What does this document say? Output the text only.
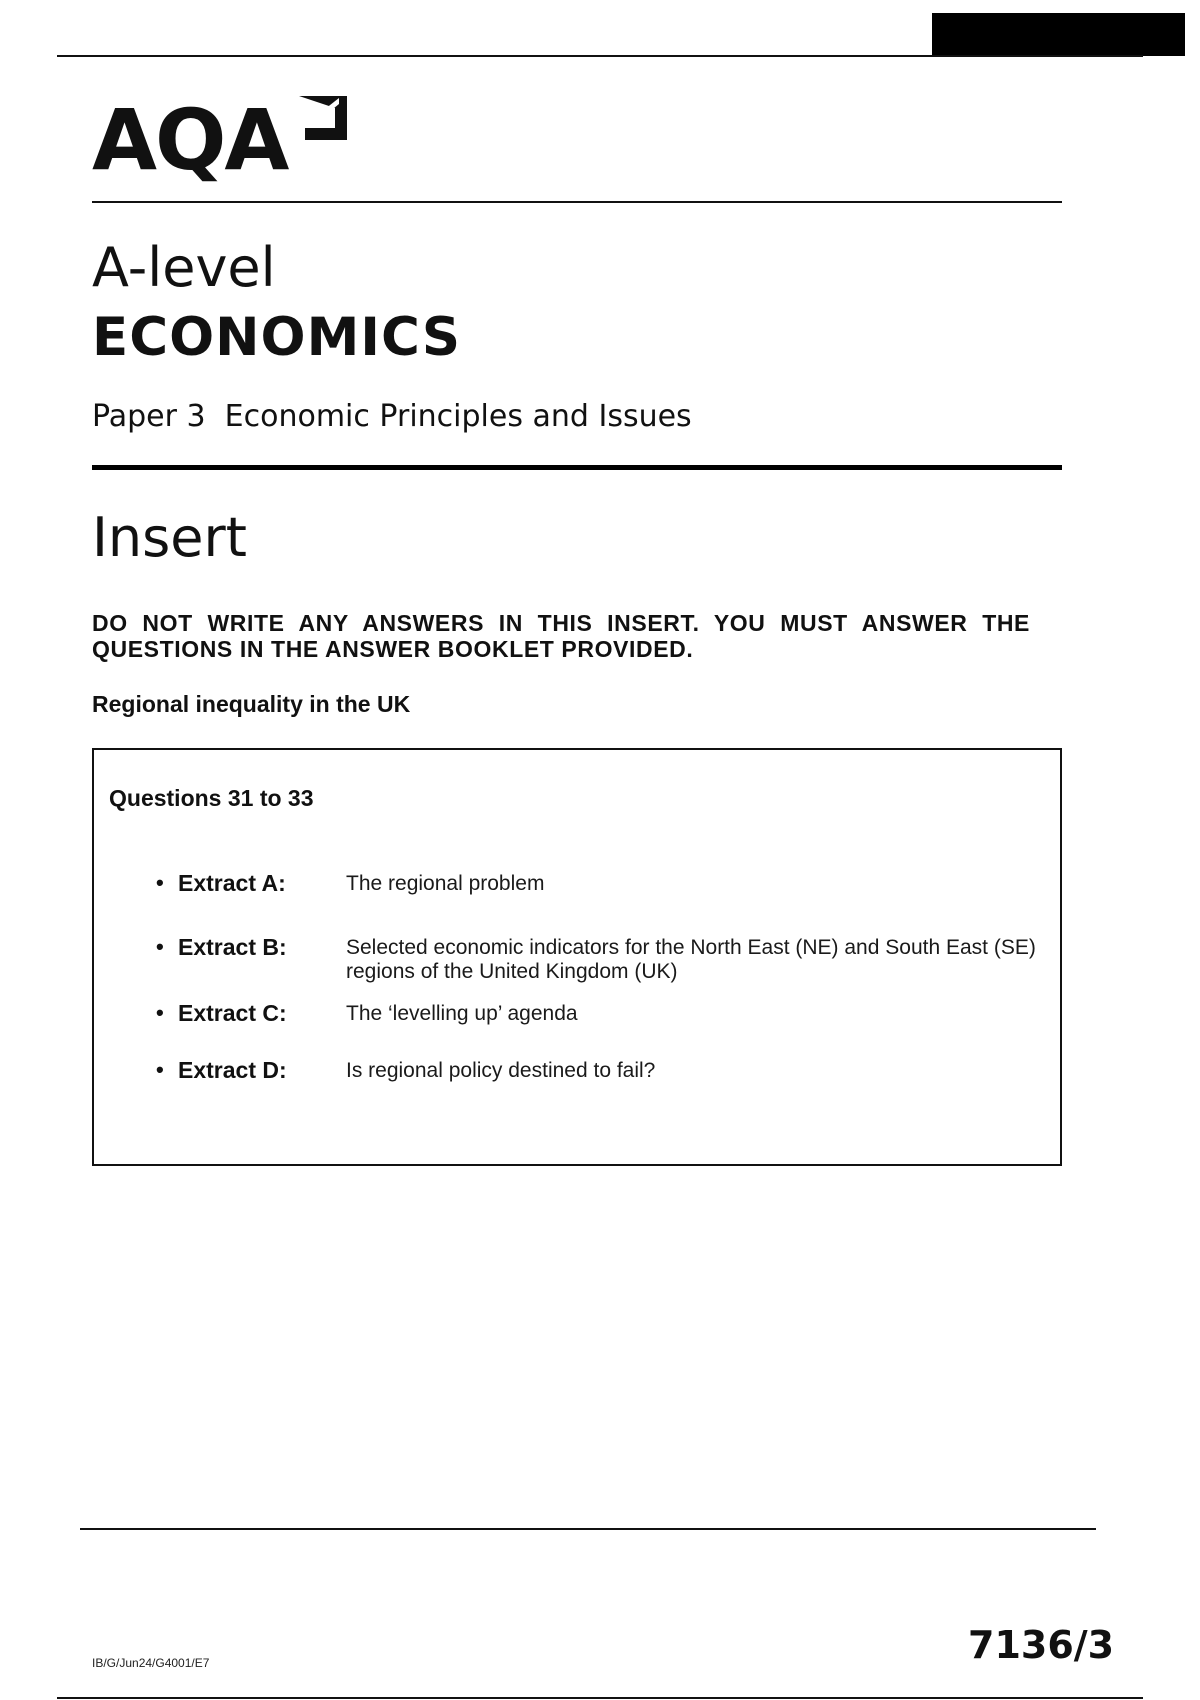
AQA
A-level
ECONOMICS
Paper 3  Economic Principles and Issues
Insert
DO NOT WRITE ANY ANSWERS IN THIS INSERT. YOU MUST ANSWER THE QUESTIONS IN THE ANSWER BOOKLET PROVIDED.
Regional inequality in the UK
Questions 31 to 33
• Extract A:	The regional problem
• Extract B:	Selected economic indicators for the North East (NE) and South East (SE) regions of the United Kingdom (UK)
• Extract C:	The ‘levelling up’ agenda
• Extract D:	Is regional policy destined to fail?
IB/G/Jun24/G4001/E7	7136/3
